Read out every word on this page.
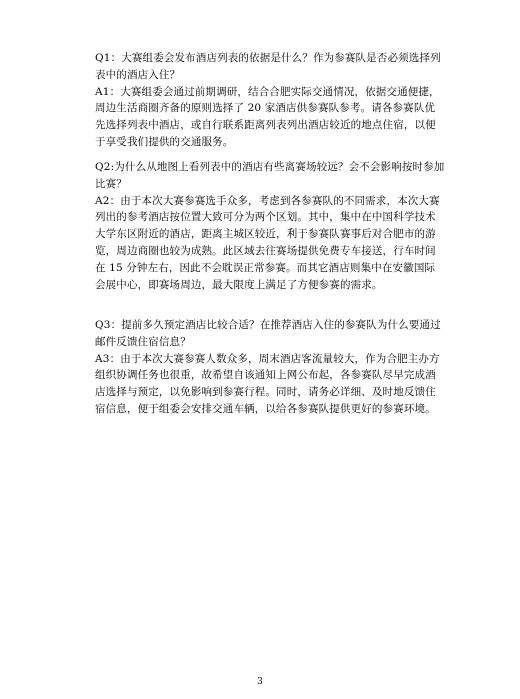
Q1：大赛组委会发布酒店列表的依据是什么？作为参赛队是否必须选择列表中的酒店入住？

A1：大赛组委会通过前期调研，结合合肥实际交通情况，依据交通便捷，周边生活商圈齐备的原则选择了 20 家酒店供参赛队参考。请各参赛队优先选择列表中酒店，或自行联系距离列表列出酒店较近的地点住宿，以便于享受我们提供的交通服务。

Q2:为什么从地图上看列表中的酒店有些离赛场较远？会不会影响按时参加比赛？

A2：由于本次大赛参赛选手众多，考虑到各参赛队的不同需求，本次大赛列出的参考酒店按位置大致可分为两个区划。其中，集中在中国科学技术大学东区附近的酒店，距离主城区较近，利于参赛队赛事后对合肥市的游览，周边商圈也较为成熟。此区域去往赛场提供免费专车接送，行车时间在 15 分钟左右，因此不会耽误正常参赛。而其它酒店则集中在安徽国际会展中心，即赛场周边，最大限度上满足了方便参赛的需求。

Q3：提前多久预定酒店比较合适？在推荐酒店入住的参赛队为什么要通过邮件反馈住宿信息？

A3：由于本次大赛参赛人数众多，周末酒店客流量较大，作为合肥主办方组织协调任务也很重，故希望自该通知上网公布起，各参赛队尽早完成酒店选择与预定，以免影响到参赛行程。同时，请务必详细、及时地反馈住宿信息，便于组委会安排交通车辆，以给各参赛队提供更好的参赛环境。

3
